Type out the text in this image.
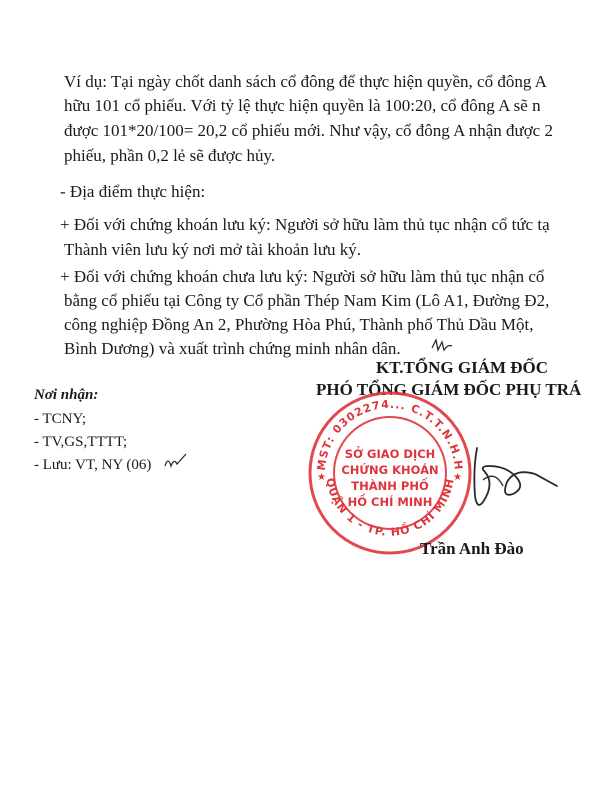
Ví dụ: Tại ngày chốt danh sách cổ đông để thực hiện quyền, cổ đông A
hữu 101 cổ phiếu. Với tỷ lệ thực hiện quyền là 100:20, cổ đông A sẽ n
được 101*20/100= 20,2 cổ phiếu mới. Như vậy, cổ đông A nhận được 2
phiếu, phần 0,2 lẻ sẽ được hủy.
- Địa điểm thực hiện:
+ Đối với chứng khoán lưu ký: Người sở hữu làm thủ tục nhận cổ tức tạ
Thành viên lưu ký nơi mở tài khoản lưu ký.
+ Đối với chứng khoán chưa lưu ký: Người sở hữu làm thủ tục nhận cổ
bằng cổ phiếu tại Công ty Cổ phần Thép Nam Kim (Lô A1, Đường Đ2,
công nghiệp Đồng An 2, Phường Hòa Phú, Thành phố Thủ Dầu Một,
Bình Dương) và xuất trình chứng minh nhân dân.
Nơi nhận:
- TCNY;
- TV,GS,TTTT;
- Lưu: VT, NY (06)
KT.TỔNG GIÁM ĐỐC
PHÓ TỔNG GIÁM ĐỐC PHỤ TRÁ
MST: 0302274... C.T.T.N.H.H
QUẬN 1 - TP. HỒ CHÍ MINH
SỞ GIAO DỊCH
CHỨNG KHOÁN
THÀNH PHỐ
HỒ CHÍ MINH
★	★
Trần Anh Đào
